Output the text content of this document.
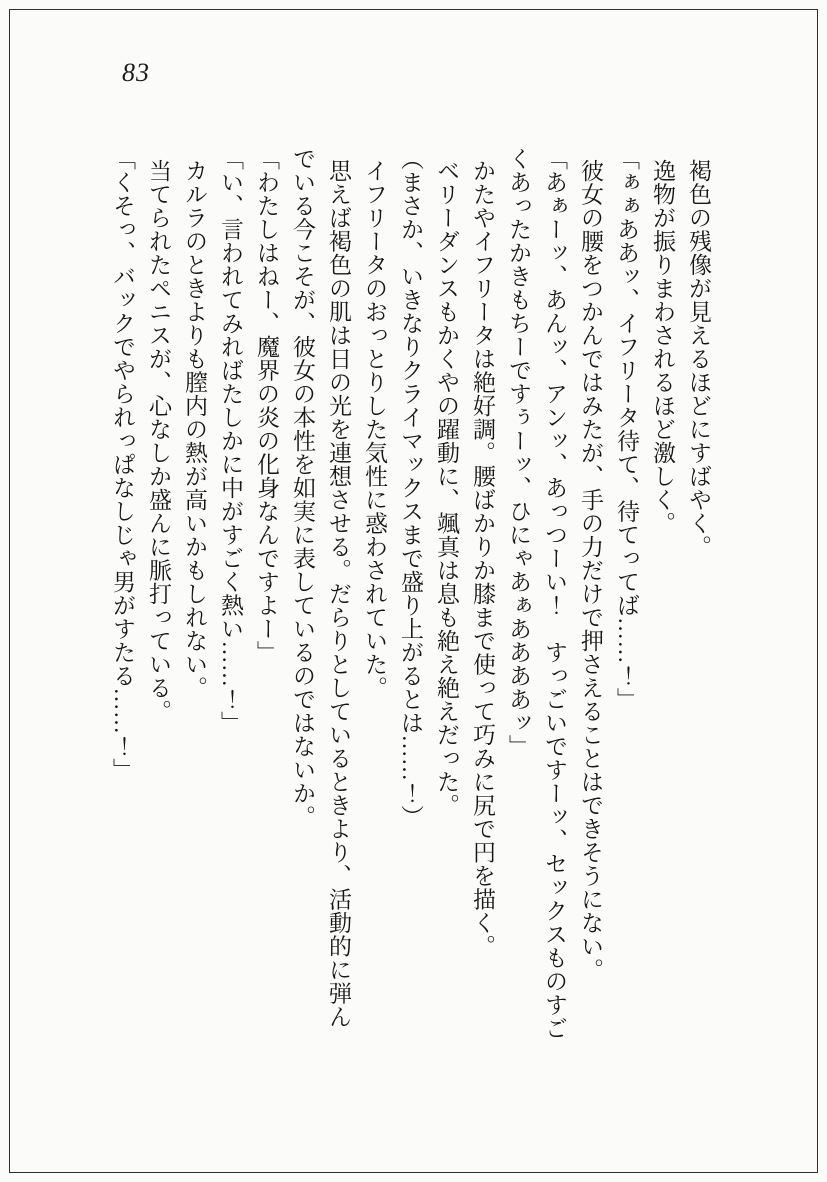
83

褐色の残像が見えるほどにすばやく。

逸物が振りまわされるほど激しく。

「ぁぁああッ、イフリータ待て、待てってば……！」

彼女の腰をつかんではみたが、手の力だけで押さえることはできそうにない。

「あぁーッ、あんッ、アンッ、あっつーい！　すっごいですーッ、セックスものすご

くあったかきもちーですぅーッ、ひにゃあぁああああッ」

かたやイフリータは絶好調。腰ばかりか膝まで使って巧みに尻で円を描く。

ベリーダンスもかくやの躍動に、颯真は息も絶え絶えだった。

（まさか、いきなりクライマックスまで盛り上がるとは……！）

イフリータのおっとりした気性に惑わされていた。

思えば褐色の肌は日の光を連想させる。だらりとしているときより、活動的に弾ん

でいる今こそが、彼女の本性を如実に表しているのではないか。

「わたしはねー、魔界の炎の化身なんですよー」

「い、言われてみればたしかに中がすごく熱い……！」

カルラのときよりも膣内の熱が高いかもしれない。

当てられたペニスが、心なしか盛んに脈打っている。

「くそっ、バックでやられっぱなしじゃ男がすたる……！」
